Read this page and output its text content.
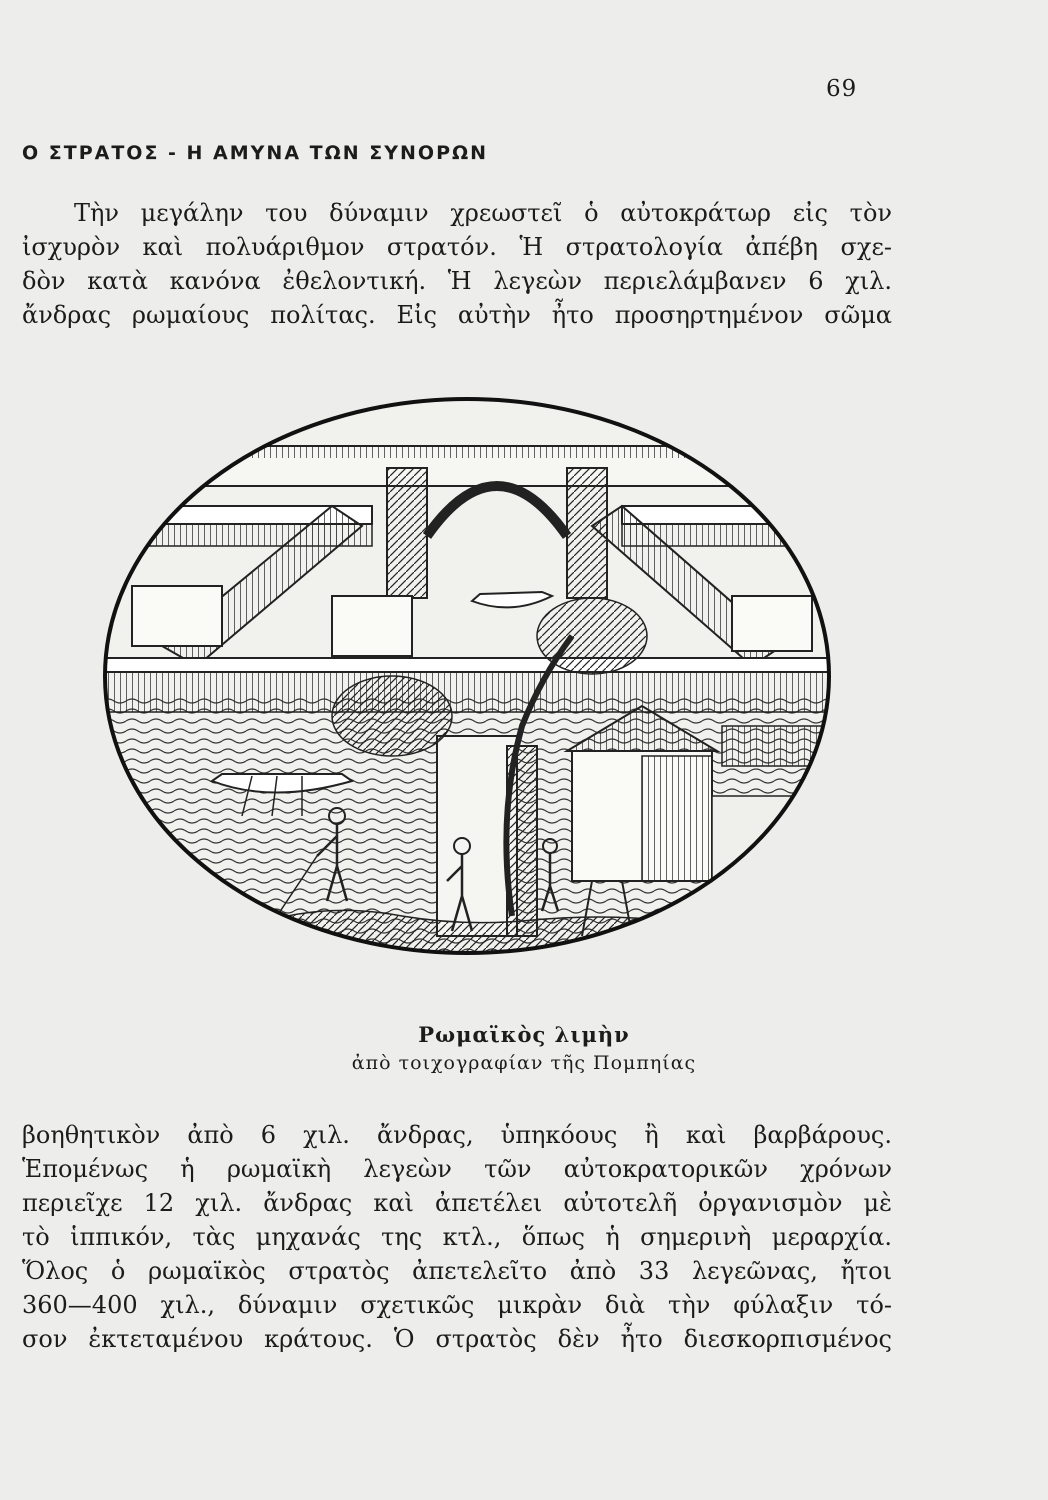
69
Ο ΣΤΡΑΤΟΣ - Η ΑΜΥΝΑ ΤΩΝ ΣΥΝΟΡΩΝ
Τὴν μεγάλην του δύναμιν χρεωστεῖ ὁ αὐτοκράτωρ εἰς τὸν
ἰσχυρὸν καὶ πολυάριθμον στρατόν. Ἡ στρατολογία ἀπέβη σχε-
δὸν κατὰ κανόνα ἐθελοντική. Ἡ λεγεὼν περιελάμβανεν 6 χιλ.
ἄνδρας ρωμαίους πολίτας. Εἰς αὐτὴν ἦτο προσηρτημένον σῶμα
Ρωμαϊκὸς λιμὴν
ἀπὸ τοιχογραφίαν τῆς Πομπηίας
βοηθητικὸν ἀπὸ 6 χιλ. ἄνδρας, ὑπηκόους ἢ καὶ βαρβάρους.
Ἑπομένως ἡ ρωμαϊκὴ λεγεὼν τῶν αὐτοκρατορικῶν χρόνων
περιεῖχε 12 χιλ. ἄνδρας καὶ ἀπετέλει αὐτοτελῆ ὀργανισμὸν μὲ
τὸ ἱππικόν, τὰς μηχανάς της κτλ., ὅπως ἡ σημερινὴ μεραρχία.
Ὅλος ὁ ρωμαϊκὸς στρατὸς ἀπετελεῖτο ἀπὸ 33 λεγεῶνας, ἤτοι
360—400 χιλ., δύναμιν σχετικῶς μικρὰν διὰ τὴν φύλαξιν τό-
σον ἐκτεταμένου κράτους. Ὁ στρατὸς δὲν ἦτο διεσκορπισμένος
